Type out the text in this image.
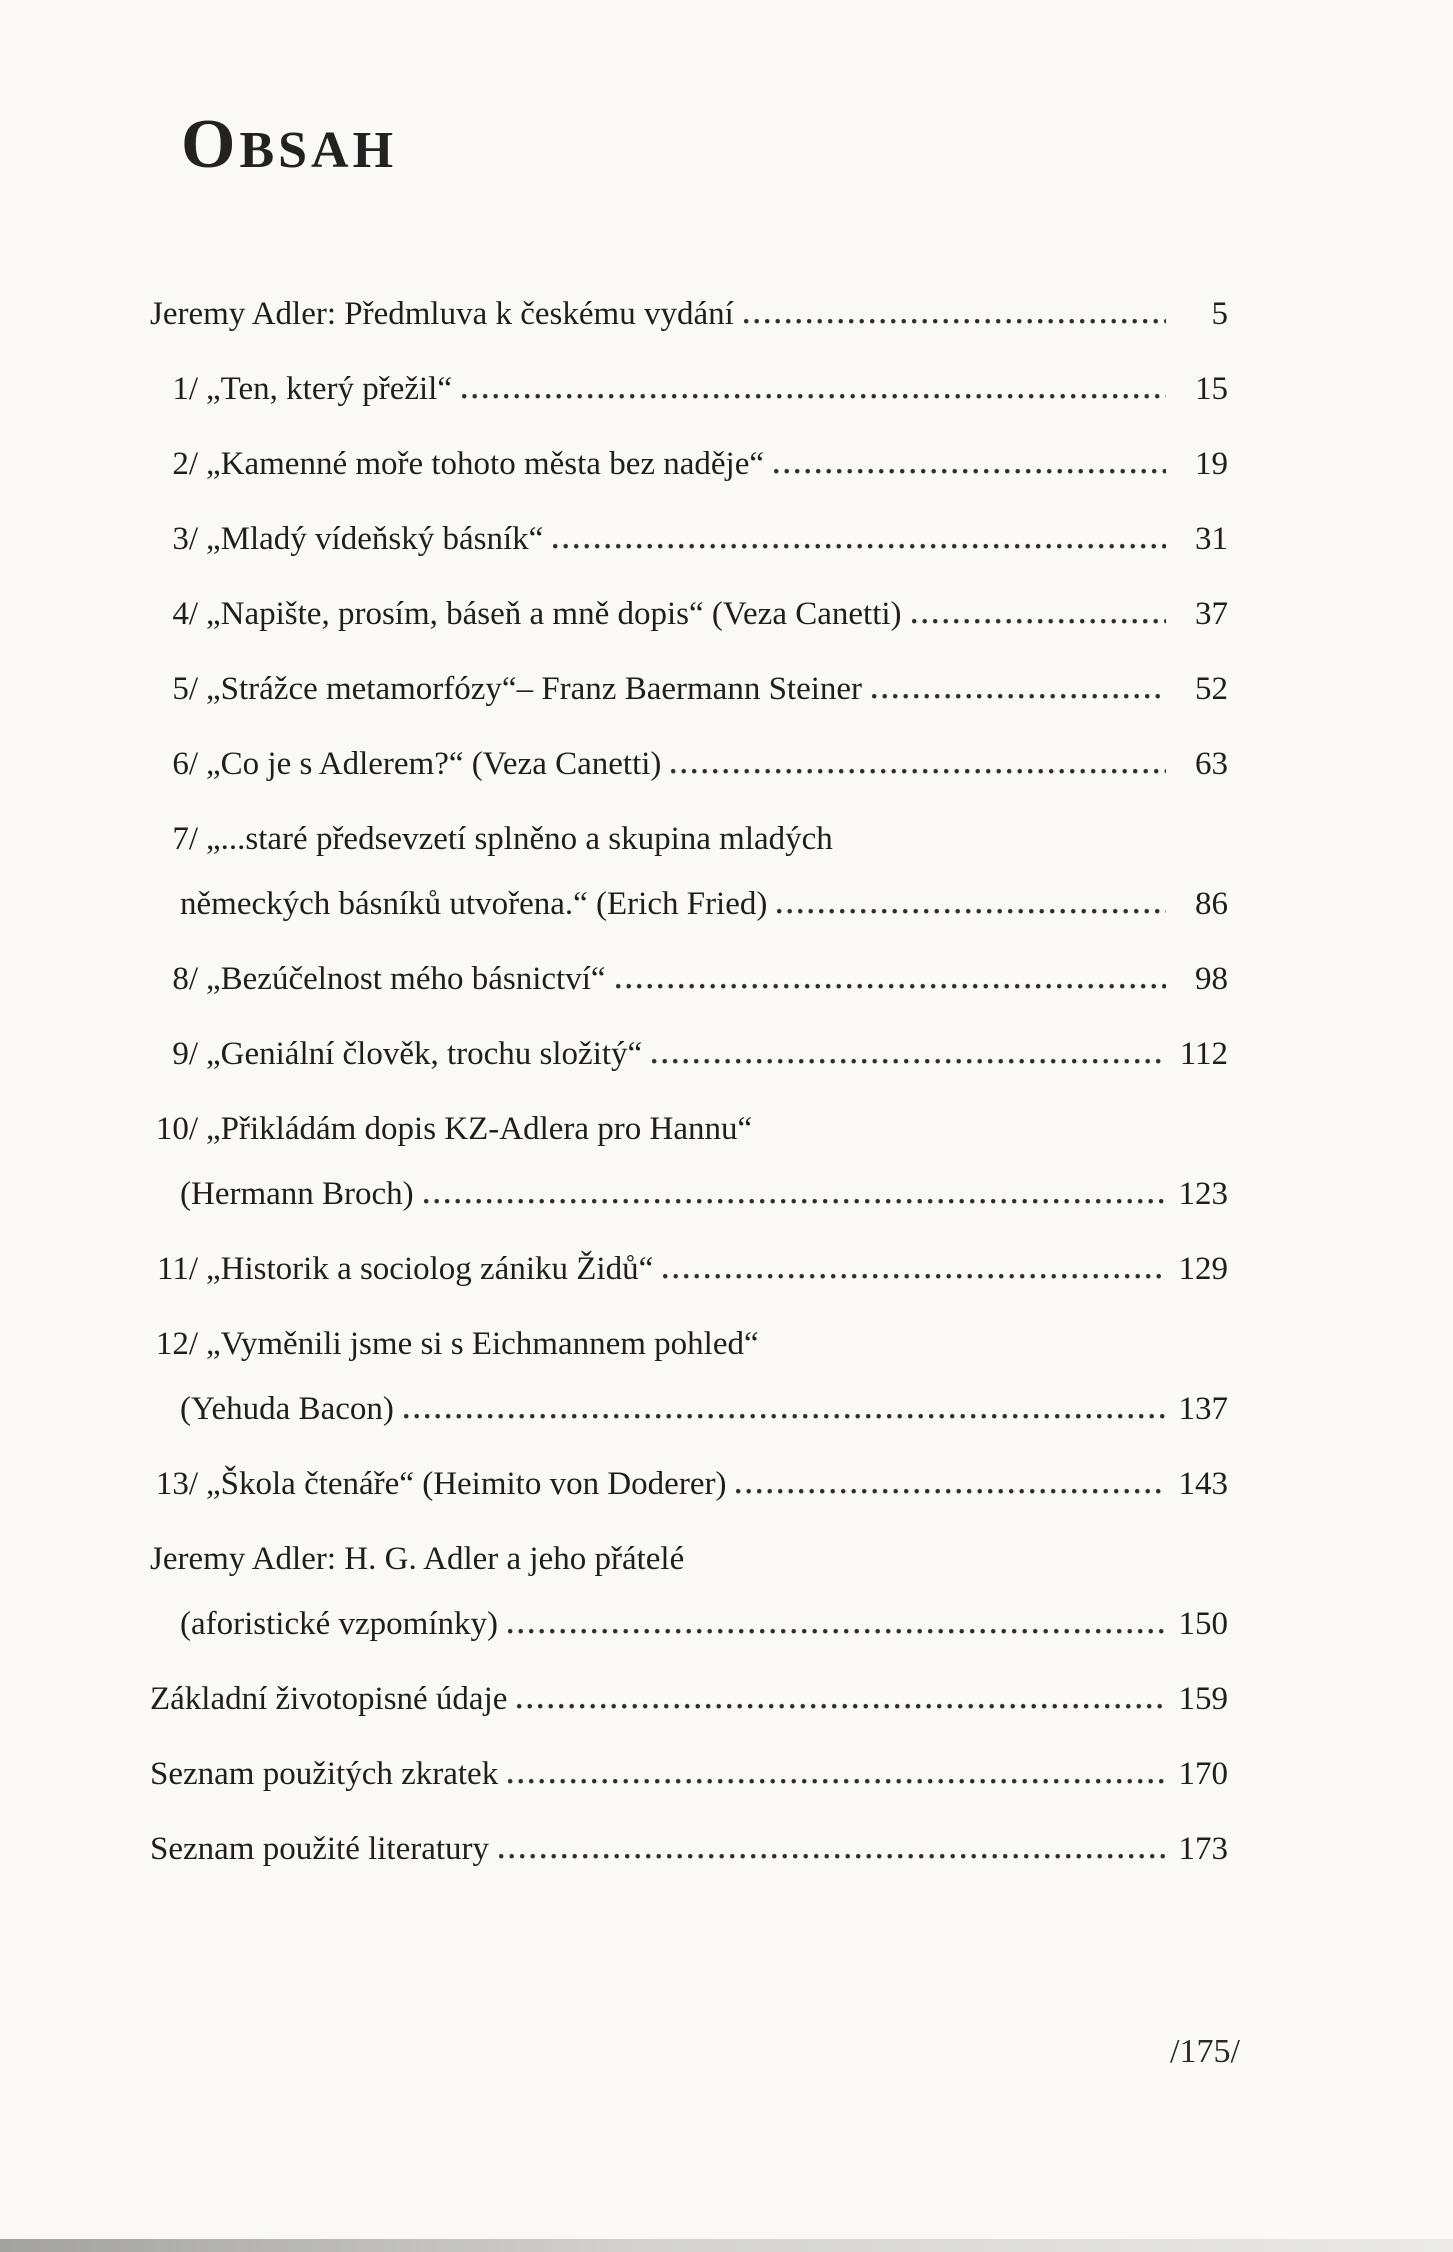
OBSAH
Jeremy Adler: Předmluva k českému vydání	5
1/ „Ten, který přežil“	15
2/ „Kamenné moře tohoto města bez naděje“	19
3/ „Mladý vídeňský básník“	31
4/ „Napište, prosím, báseň a mně dopis“ (Veza Canetti)	37
5/ „Strážce metamorfózy“– Franz Baermann Steiner	52
6/ „Co je s Adlerem?“ (Veza Canetti)	63
7/ „...staré předsevzetí splněno a skupina mladých
německých básníků utvořena.“ (Erich Fried)	86
8/ „Bezúčelnost mého básnictví“	98
9/ „Geniální člověk, trochu složitý“	112
10/ „Přikládám dopis KZ-Adlera pro Hannu“
(Hermann Broch)	123
11/ „Historik a sociolog zániku Židů“	129
12/ „Vyměnili jsme si s Eichmannem pohled“
(Yehuda Bacon)	137
13/ „Škola čtenáře“ (Heimito von Doderer)	143
Jeremy Adler: H. G. Adler a jeho přátelé
(aforistické vzpomínky)	150
Základní životopisné údaje	159
Seznam použitých zkratek	170
Seznam použité literatury	173
/175/
